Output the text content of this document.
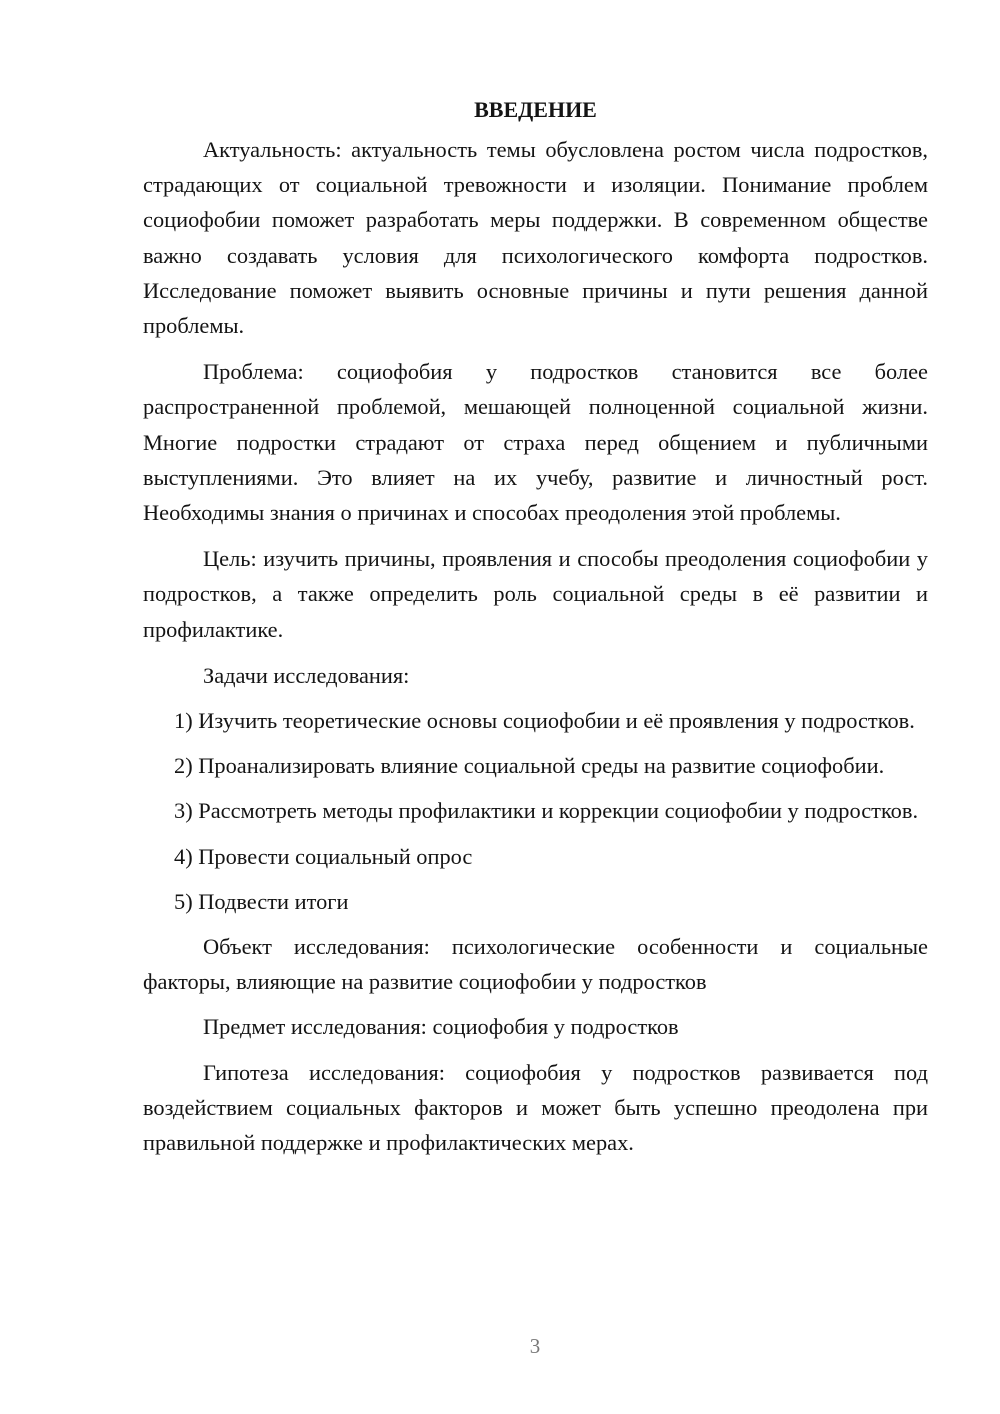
ВВЕДЕНИЕ

Актуальность: актуальность темы обусловлена ростом числа подростков, страдающих от социальной тревожности и изоляции. Понимание проблем социофобии поможет разработать меры поддержки. В современном обществе важно создавать условия для психологического комфорта подростков. Исследование поможет выявить основные причины и пути решения данной проблемы.

Проблема: социофобия у подростков становится все более распространенной проблемой, мешающей полноценной социальной жизни. Многие подростки страдают от страха перед общением и публичными выступлениями. Это влияет на их учебу, развитие и личностный рост. Необходимы знания о причинах и способах преодоления этой проблемы.

Цель: изучить причины, проявления и способы преодоления социофобии у подростков, а также определить роль социальной среды в её развитии и профилактике.

Задачи исследования:

1) Изучить теоретические основы социофобии и её проявления у подростков.

2) Проанализировать влияние социальной среды на развитие социофобии.

3) Рассмотреть методы профилактики и коррекции социофобии у подростков.

4) Провести социальный опрос

5) Подвести итоги

Объект исследования: психологические особенности и социальные факторы, влияющие на развитие социофобии у подростков

Предмет исследования: социофобия у подростков

Гипотеза исследования: социофобия у подростков развивается под воздействием социальных факторов и может быть успешно преодолена при правильной поддержке и профилактических мерах.

3
